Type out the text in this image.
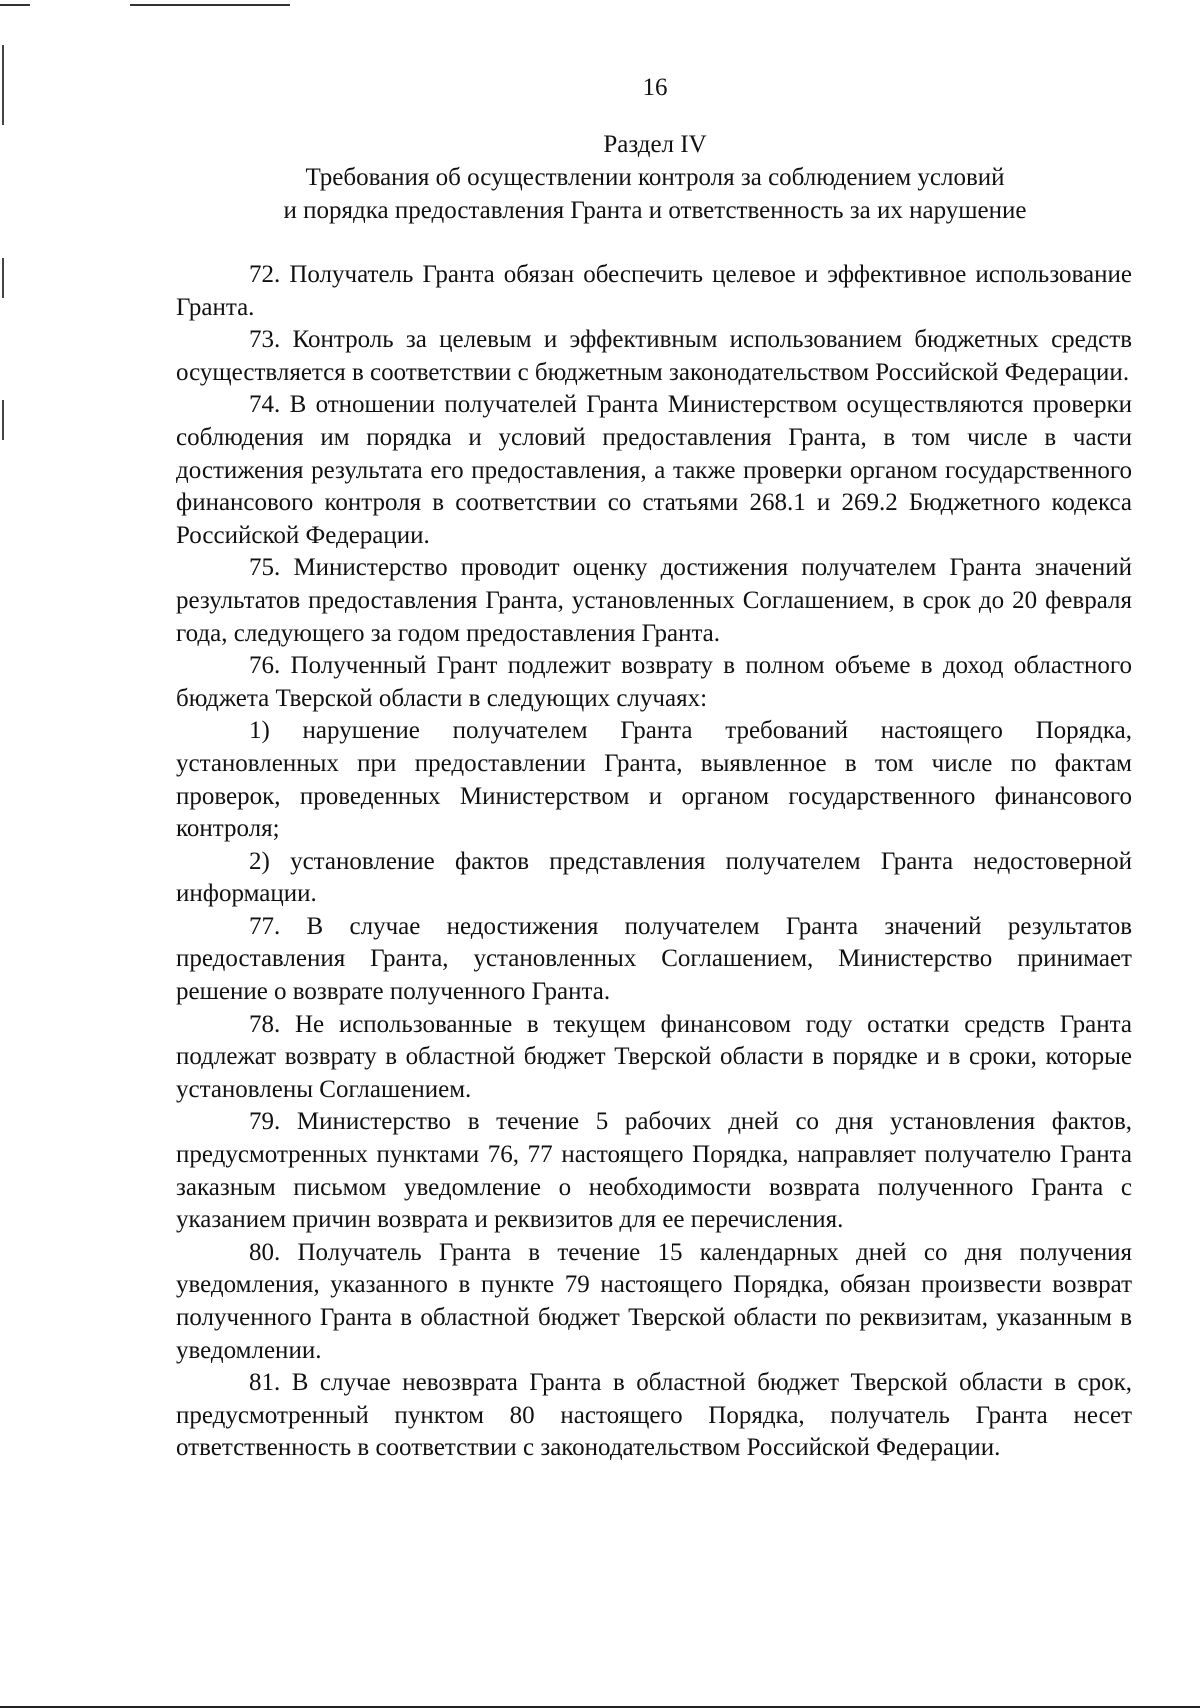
16
Раздел IV
Требования об осуществлении контроля за соблюдением условий
и порядка предоставления Гранта и ответственность за их нарушение

72. Получатель Гранта обязан обеспечить целевое и эффективное использование Гранта.

73. Контроль за целевым и эффективным использованием бюджетных средств осуществляется в соответствии с бюджетным законодательством Российской Федерации.

74. В отношении получателей Гранта Министерством осуществляются проверки соблюдения им порядка и условий предоставления Гранта, в том числе в части достижения результата его предоставления, а также проверки органом государственного финансового контроля в соответствии со статьями 268.1 и 269.2 Бюджетного кодекса Российской Федерации.

75. Министерство проводит оценку достижения получателем Гранта значений результатов предоставления Гранта, установленных Соглашением, в срок до 20 февраля года, следующего за годом предоставления Гранта.

76. Полученный Грант подлежит возврату в полном объеме в доход областного бюджета Тверской области в следующих случаях:

1) нарушение получателем Гранта требований настоящего Порядка, установленных при предоставлении Гранта, выявленное в том числе по фактам проверок, проведенных Министерством и органом государственного финансового контроля;

2) установление фактов представления получателем Гранта недостоверной информации.

77. В случае недостижения получателем Гранта значений результатов предоставления Гранта, установленных Соглашением, Министерство принимает решение о возврате полученного Гранта.

78. Не использованные в текущем финансовом году остатки средств Гранта подлежат возврату в областной бюджет Тверской области в порядке и в сроки, которые установлены Соглашением.

79. Министерство в течение 5 рабочих дней со дня установления фактов, предусмотренных пунктами 76, 77 настоящего Порядка, направляет получателю Гранта заказным письмом уведомление о необходимости возврата полученного Гранта с указанием причин возврата и реквизитов для ее перечисления.

80. Получатель Гранта в течение 15 календарных дней со дня получения уведомления, указанного в пункте 79 настоящего Порядка, обязан произвести возврат полученного Гранта в областной бюджет Тверской области по реквизитам, указанным в уведомлении.

81. В случае невозврата Гранта в областной бюджет Тверской области в срок, предусмотренный пунктом 80 настоящего Порядка, получатель Гранта несет ответственность в соответствии с законодательством Российской Федерации.
